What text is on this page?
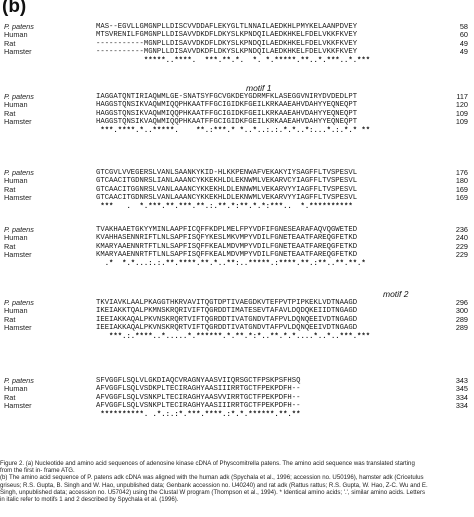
(b)
P. patens	MAS--EGVLLGMGNPLLDISCVVDDAFLEKYGLTLNNAILAEDKHLPMYKELAANPDVEY	58
Human	MTSVRENILFGMGNPLLDISAVVDKDFLDKYSLKPNDQILAEDKHKELFDELVKKFKVEY	60
Rat	-----------MGNPLLDISAVVDKDFLDKYSLKPNDQILAEDKHKELFDELVKKFKVEY	49
Hamster	-----------MGNPLLDISAVVDKDFLDKYSLKPNDQILAEDKHKELFDELVKKFKVEY	49
*****..****.  ***.**.*.  *. *.*****.**..*.***..*.***
motif 1
P. patens	IAGGATQNTIRIAQWMLGE-SNATSYFGCVGKDEYGDRMFKLASEGGVNIRYDVDEDLPT	117
Human	HAGGSTQNSIKVAQWMIQQPHKAATFFGCIGIDKFGEILKRKAAEAHVDAHYYEQNEQPT	120
Rat	HAGGSTQNSIKVAQWMIQQPHKAATFFGCIGIDKFGEILKRKAAEAHVDAHYYEQNEQPT	109
Hamster	HAGGSTQNSIKVAQWMIQQPHKAATFFGCIGIDKFGEILKRKAAEAHVDAHYYEQNEQPT	109
***.****.*..*****.    **.:***.* *..*..:.:.*.*..*:...*.:.*.* **
P. patens	GTCGVLVVEGERSLVANLSAANKYKID-HLKKPENWAFVEKAKYIYSAGFFLTVSPESVL	176
Human	GTCAACITGDNRSLIANLAAANCYKKEKHLDLEKNWMLVEKARVCYIAGFFLTVSPESVL	180
Rat	GTCAACITGGNRSLVANLAAANCYKKEKHLDLENNWMLVEKARVYYIAGFFLTVSPESVL	169
Hamster	GTCAACITGDNRSLVANLAAANCYKKEKHLDLEKNWMLVEKARVYYIAGFFLTVSPESVL	169
***   .  *.***.**.***.**.:.**.*:**.*.*:***..  *.**********
P. patens	TVAKHAAETGKYYMINLAAPFICQFFKDPLMELFPYVDFIFGNESEARAFAQVQGWETED	236
Human	KVAHHASENNRIFTLNLSAPFISQFYKESLMKVMPYVDILFGNETEAATFAREQGFETKD	240
Rat	KMARYAAENNRTFTLNLSAPFISQFFKEALMDVMPYVDILFGNETEAATFAREQGFETKD	229
Hamster	KMARYAAENNRTFTLNLSAPFISQFFKEALMDVMPYVDILFGNETEAATFAREQGFETKD	229
.*  *.*...:.:.**.****.**.*..**:..*****.:****.**.:**..**.**.*
motif 2
P. patens	TKVIAVKLAALPKAGGTHKRVAVITQGTDPTIVAEGDKVTEFPVTPIPKEKLVDTNAAGD	296
Human	IKEIAKKTQALPKMNSKRQRIVIFTQGRDDTIMATESEVTAFAVLDQDQKEIIDTNGAGD	300
Rat	IEEIAKKAQALPKVNSKRQRTVIFTQGRDDTIVATGNDVTAFPVLDQNQEEIVDTNGAGD	289
Hamster	IEEIAKKAQALPKVNSKRQRTVIFTQGRDDTIVATGNDVTAFPVLDQNQEEIVDTNGAGD	289
***.:.****..*.....*.******.*.**.*:*..**.*.*....*..*..***.***
P. patens	SFVGGFLSQLVLGKDIAQCVRAGNYAASVIIQRSGCTFPSKPSFHSQ	343
Human	AFVGGFLSQLVSDKPLTECIRAGHYAASIIIRRTGCTFPEKPDFH--	345
Rat	AFVGGFLSQLVSNKPLTECIRAGHYAASVVIRRTGCTFPEKPDFH--	334
Hamster	AFVGGFLSQLVSNKPLTECIRAGHYAASIIIRRTGCTFPEKPDFH--	334
**********. .*.:.:*.***.****.:*.*.******.**.**

Figure 2. (a) Nucleotide and amino acid sequences of adenosine kinase cDNA of Physcomitrella patens. The amino acid sequence was translated starting

from the first in- frame ATG.

(b) The amino acid sequence of P. patens adk cDNA was aligned with the human adk (Spychala et al., 1996; accession no. U50196), hamster adk (Cricetulus

griseus; R.S. Gupta, B. Singh and W. Hao, unpublished data; Genbank accession no. U40240) and rat adk (Rattus rattus; R.S. Gupta, W. Hao, Z-C. Wu and E.

Singh, unpublished data; accession no. U57042) using the Clustal W program (Thompson et al., 1994). * Identical amino acids; '.', similar amino acids. Letters

in italic refer to motifs 1 and 2 described by Spychala et al. (1996).
